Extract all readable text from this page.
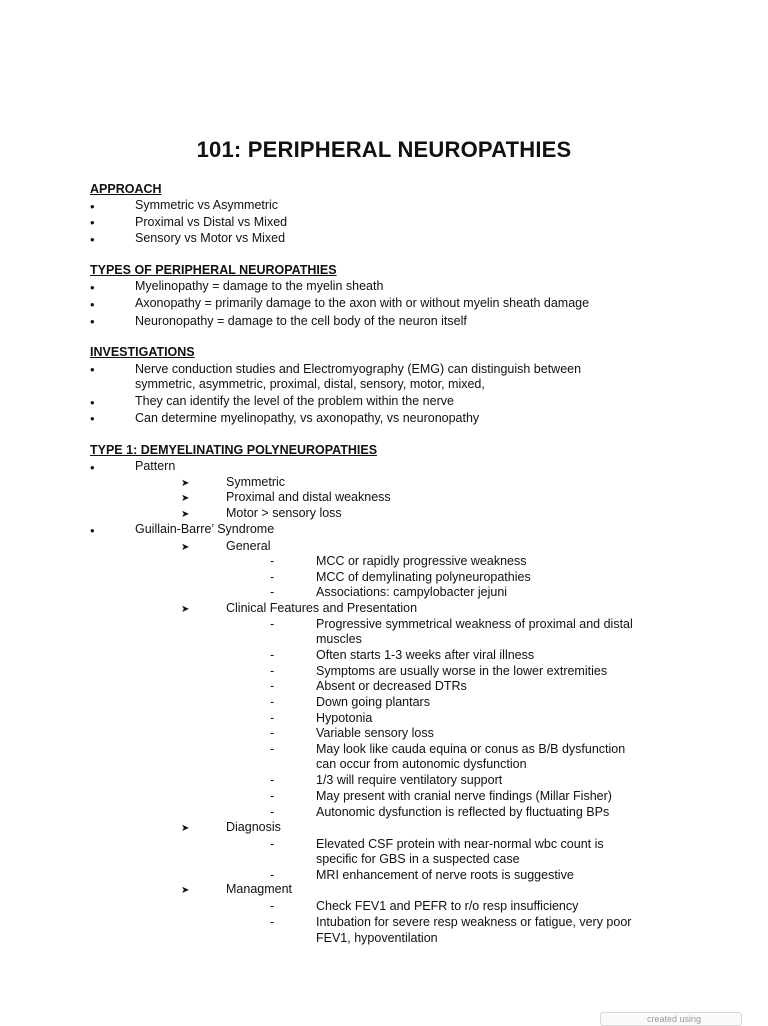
101: PERIPHERAL NEUROPATHIES
APPROACH
•	Symmetric vs Asymmetric
•	Proximal vs Distal vs Mixed
•	Sensory vs Motor vs Mixed
TYPES OF PERIPHERAL NEUROPATHIES
•	Myelinopathy = damage to the myelin sheath
•	Axonopathy = primarily damage to the axon with or without myelin sheath damage
•	Neuronopathy = damage to the cell body of the neuron itself
INVESTIGATIONS
•	Nerve conduction studies and Electromyography (EMG) can distinguish between
symmetric, asymmetric, proximal, distal, sensory, motor, mixed,
•	They can identify the level of the problem within the nerve
•	Can determine myelinopathy, vs axonopathy, vs neuronopathy
TYPE 1: DEMYELINATING POLYNEUROPATHIES
•	Pattern
➤	Symmetric
➤	Proximal and distal weakness
➤	Motor > sensory loss
•	Guillain-Barre’ Syndrome
➤	General
-	MCC or rapidly progressive weakness
-	MCC of demylinating polyneuropathies
-	Associations: campylobacter jejuni
➤	Clinical Features and Presentation
-	Progressive symmetrical weakness of proximal and distal
muscles
-	Often starts 1-3 weeks after viral illness
-	Symptoms are usually worse in the lower extremities
-	Absent or decreased DTRs
-	Down going plantars
-	Hypotonia
-	Variable sensory loss
-	May look like cauda equina or conus as B/B dysfunction
can occur from autonomic dysfunction
-	1/3 will require ventilatory support
-	May present with cranial nerve findings (Millar Fisher)
-	Autonomic dysfunction is reflected by fluctuating BPs
➤	Diagnosis
-	Elevated CSF protein with near-normal wbc count is
specific for GBS in a suspected case
-	MRI enhancement of nerve roots is suggestive
➤	Managment
-	Check FEV1 and PEFR to r/o resp insufficiency
-	Intubation for severe resp weakness or fatigue, very poor
FEV1, hypoventilation
created using
